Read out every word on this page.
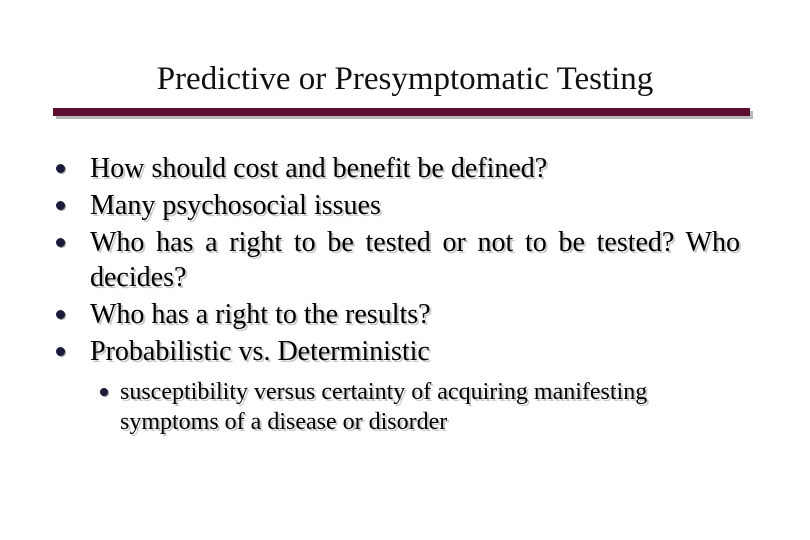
Predictive or Presymptomatic Testing
How should cost and benefit be defined?
Many psychosocial issues
Who has a right to be tested or not to be tested? Who decides?
Who has a right to the results?
Probabilistic vs. Deterministic
susceptibility versus certainty of acquiring manifesting symptoms of a disease or disorder
